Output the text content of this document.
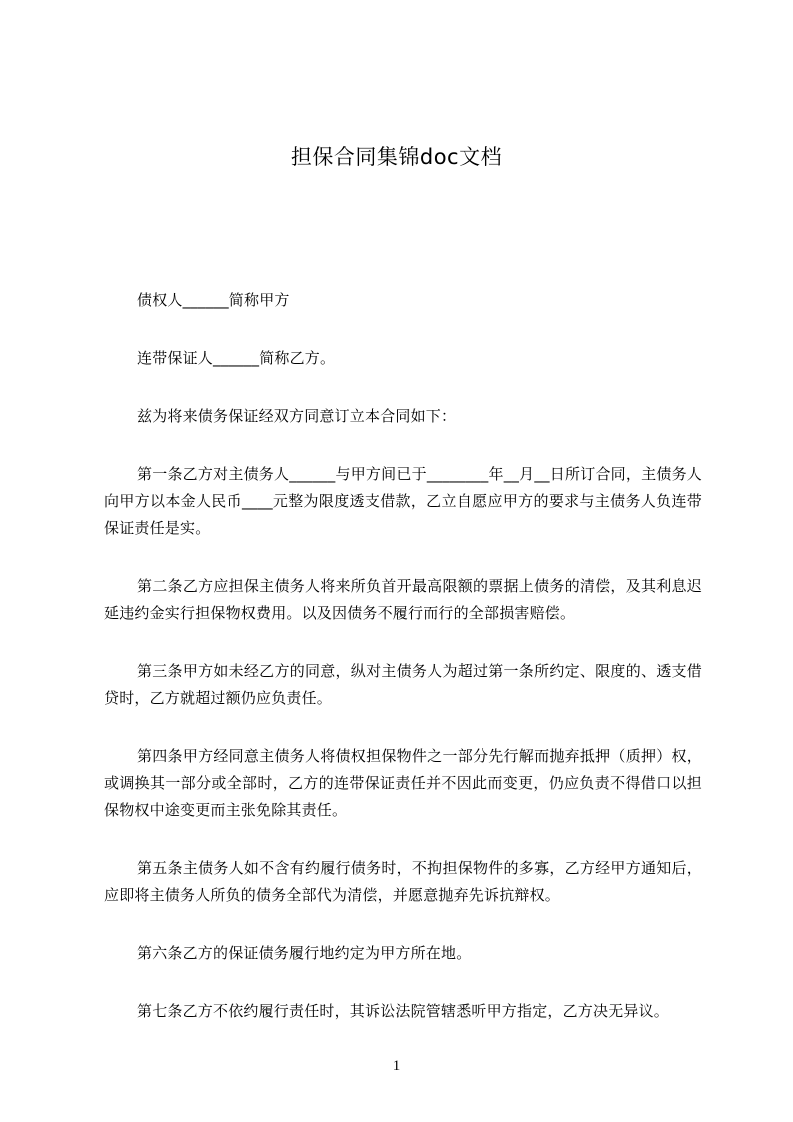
担保合同集锦doc文档

债权人______简称甲方

连带保证人______简称乙方。

兹为将来债务保证经双方同意订立本合同如下：

第一条乙方对主债务人______与甲方间已于________年__月__日所订合同，主债务人向甲方以本金人民币____元整为限度透支借款，乙立自愿应甲方的要求与主债务人负连带保证责任是实。

第二条乙方应担保主债务人将来所负首开最高限额的票据上债务的清偿，及其利息迟延违约金实行担保物权费用。以及因债务不履行而行的全部损害赔偿。

第三条甲方如未经乙方的同意，纵对主债务人为超过第一条所约定、限度的、透支借贷时，乙方就超过额仍应负责任。

第四条甲方经同意主债务人将债权担保物件之一部分先行解而抛弃抵押（质押）权，或调换其一部分或全部时，乙方的连带保证责任并不因此而变更，仍应负责不得借口以担保物权中途变更而主张免除其责任。

第五条主债务人如不含有约履行债务时，不拘担保物件的多寡，乙方经甲方通知后，应即将主债务人所负的债务全部代为清偿，并愿意抛弃先诉抗辩权。

第六条乙方的保证债务履行地约定为甲方所在地。

第七条乙方不依约履行责任时，其诉讼法院管辖悉听甲方指定，乙方决无异议。

1
